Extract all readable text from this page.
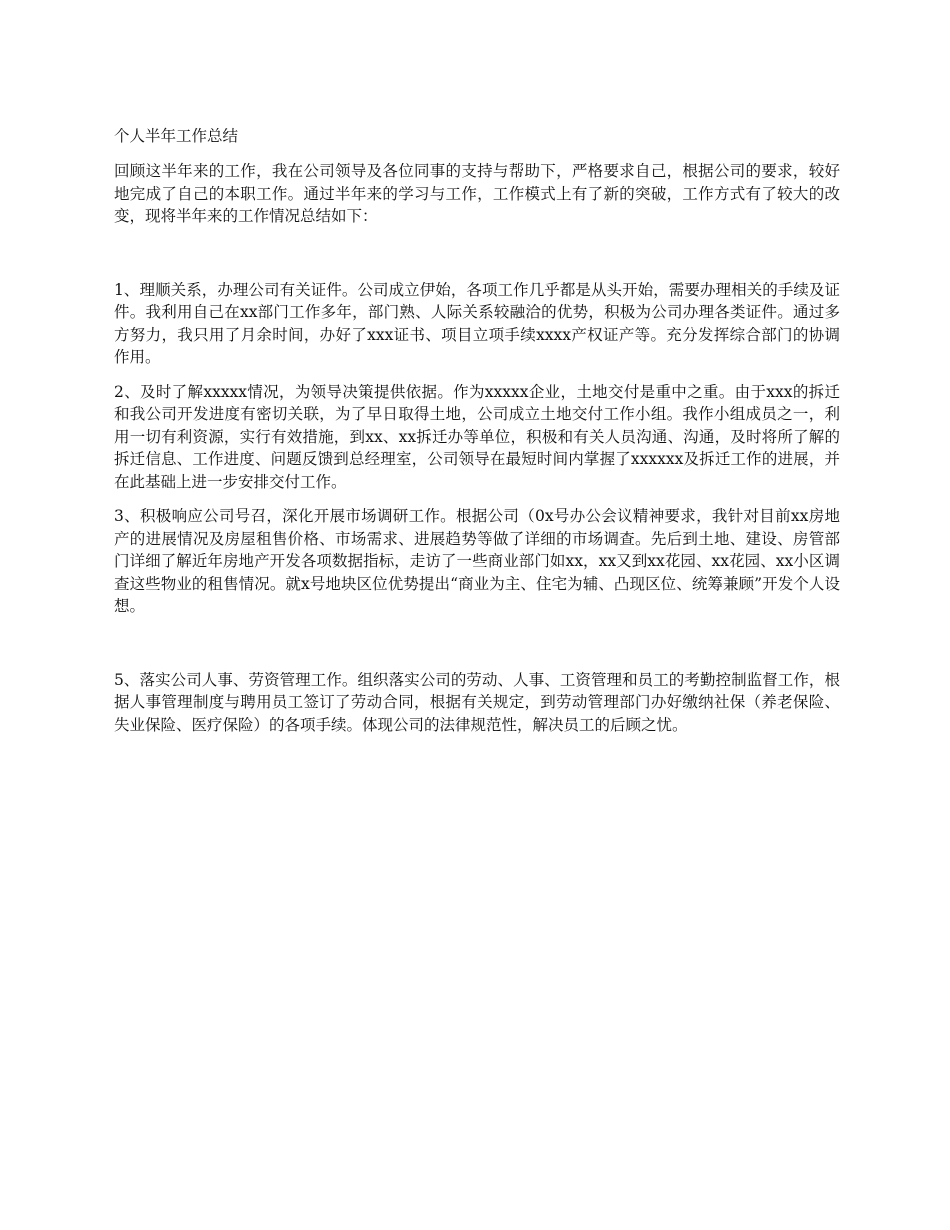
个人半年工作总结

回顾这半年来的工作，我在公司领导及各位同事的支持与帮助下，严格要求自己，根据公司的要求，较好地完成了自己的本职工作。通过半年来的学习与工作，工作模式上有了新的突破，工作方式有了较大的改变，现将半年来的工作情况总结如下：

1、理顺关系，办理公司有关证件。公司成立伊始，各项工作几乎都是从头开始，需要办理相关的手续及证件。我利用自己在xx部门工作多年，部门熟、人际关系较融洽的优势，积极为公司办理各类证件。通过多方努力，我只用了月余时间，办好了xxx证书、项目立项手续xxxx产权证产等。充分发挥综合部门的协调作用。

2、及时了解xxxxx情况，为领导决策提供依据。作为xxxxx企业，土地交付是重中之重。由于xxx的拆迁和我公司开发进度有密切关联，为了早日取得土地，公司成立土地交付工作小组。我作小组成员之一，利用一切有利资源，实行有效措施，到xx、xx拆迁办等单位，积极和有关人员沟通、沟通，及时将所了解的拆迁信息、工作进度、问题反馈到总经理室，公司领导在最短时间内掌握了xxxxxx及拆迁工作的进展，并在此基础上进一步安排交付工作。

3、积极响应公司号召，深化开展市场调研工作。根据公司（0x号办公会议精神要求，我针对目前xx房地产的进展情况及房屋租售价格、市场需求、进展趋势等做了详细的市场调查。先后到土地、建设、房管部门详细了解近年房地产开发各项数据指标，走访了一些商业部门如xx，xx又到xx花园、xx花园、xx小区调查这些物业的租售情况。就x号地块区位优势提出“商业为主、住宅为辅、凸现区位、统筹兼顾”开发个人设想。

5、落实公司人事、劳资管理工作。组织落实公司的劳动、人事、工资管理和员工的考勤控制监督工作，根据人事管理制度与聘用员工签订了劳动合同，根据有关规定，到劳动管理部门办好缴纳社保（养老保险、失业保险、医疗保险）的各项手续。体现公司的法律规范性，解决员工的后顾之忧。
